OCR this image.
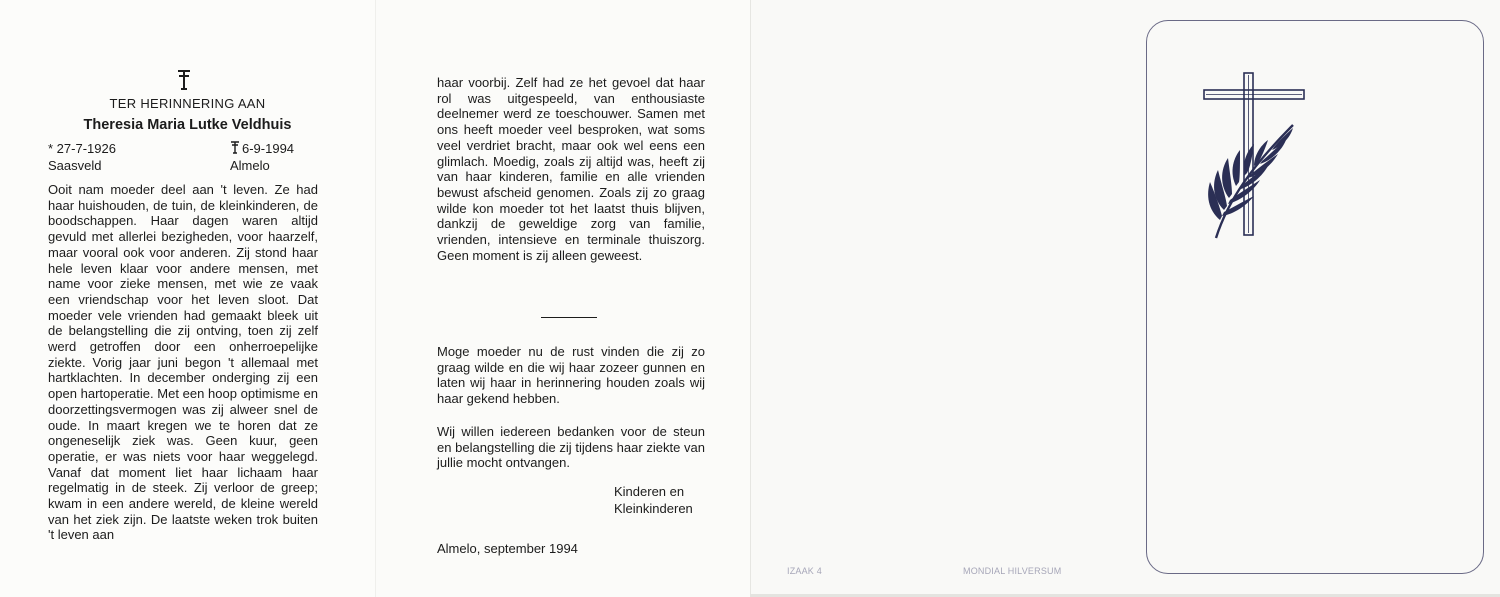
TER HERINNERING AAN
Theresia Maria Lutke Veldhuis
* 27-7-1926
Saasveld
6-9-1994
Almelo
Ooit nam moeder deel aan 't leven. Ze had haar huishouden, de tuin, de kleinkinderen, de boodschappen. Haar dagen waren altijd gevuld met allerlei bezigheden, voor haarzelf, maar vooral ook voor anderen. Zij stond haar hele leven klaar voor andere mensen, met name voor zieke mensen, met wie ze vaak een vriendschap voor het leven sloot. Dat moeder vele vrienden had gemaakt bleek uit de belangstelling die zij ontving, toen zij zelf werd getroffen door een onherroepelijke ziekte. Vorig jaar juni begon 't allemaal met hartklachten. In december onderging zij een open hartoperatie. Met een hoop optimisme en doorzettingsvermogen was zij alweer snel de oude. In maart kregen we te horen dat ze ongeneselijk ziek was. Geen kuur, geen operatie, er was niets voor haar weggelegd. Vanaf dat moment liet haar lichaam haar regelmatig in de steek. Zij verloor de greep; kwam in een andere wereld, de kleine wereld van het ziek zijn. De laatste weken trok buiten 't leven aan
haar voorbij. Zelf had ze het gevoel dat haar rol was uitgespeeld, van enthousiaste deelnemer werd ze toeschouwer. Samen met ons heeft moeder veel besproken, wat soms veel verdriet bracht, maar ook wel eens een glimlach. Moedig, zoals zij altijd was, heeft zij van haar kinderen, familie en alle vrienden bewust afscheid genomen. Zoals zij zo graag wilde kon moeder tot het laatst thuis blijven, dankzij de geweldige zorg van familie, vrienden, intensieve en terminale thuiszorg. Geen moment is zij alleen geweest.
Moge moeder nu de rust vinden die zij zo graag wilde en die wij haar zozeer gunnen en laten wij haar in herinnering houden zoals wij haar gekend hebben.
Wij willen iedereen bedanken voor de steun en belangstelling die zij tijdens haar ziekte van jullie mocht ontvangen.
Kinderen en
Kleinkinderen
Almelo, september 1994
IZAAK 4	MONDIAL HILVERSUM
